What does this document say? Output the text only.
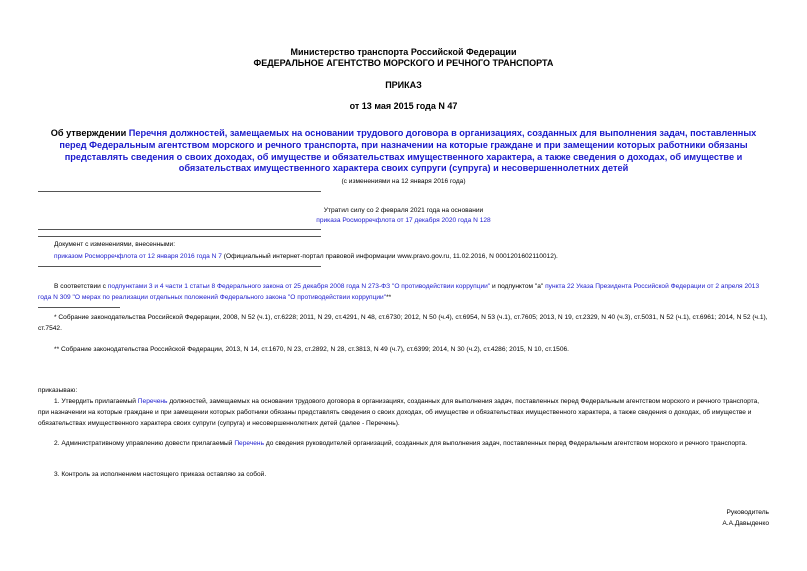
Министерство транспорта Российской Федерации
ФЕДЕРАЛЬНОЕ АГЕНТСТВО МОРСКОГО И РЕЧНОГО ТРАНСПОРТА
ПРИКАЗ
от 13 мая 2015 года N 47
Об утверждении Перечня должностей, замещаемых на основании трудового договора в организациях, созданных для выполнения задач, поставленных перед Федеральным агентством морского и речного транспорта, при назначении на которые граждане и при замещении которых работники обязаны представлять сведения о своих доходах, об имуществе и обязательствах имущественного характера, а также сведения о доходах, об имуществе и обязательствах имущественного характера своих супруги (супруга) и несовершеннолетних детей
(с изменениями на 12 января 2016 года)
Утратил силу со 2 февраля 2021 года на основании
приказа Росморречфлота от 17 декабря 2020 года N 128
Документ с изменениями, внесенными:
приказом Росморречфлота от 12 января 2016 года N 7 (Официальный интернет-портал правовой информации www.pravo.gov.ru, 11.02.2016, N 0001201602110012).
В соответствии с подпунктами 3 и 4 части 1 статьи 8 Федерального закона от 25 декабря 2008 года N 273-ФЗ "О противодействии коррупции" и подпунктом "а" пункта 22 Указа Президента Российской Федерации от 2 апреля 2013 года N 309 "О мерах по реализации отдельных положений Федерального закона "О противодействии коррупции"**
* Собрание законодательства Российской Федерации, 2008, N 52 (ч.1), ст.6228; 2011, N 29, ст.4291, N 48, ст.6730; 2012, N 50 (ч.4), ст.6954, N 53 (ч.1), ст.7605; 2013, N 19, ст.2329, N 40 (ч.3), ст.5031, N 52 (ч.1), ст.6961; 2014, N 52 (ч.1), ст.7542.
** Собрание законодательства Российской Федерации, 2013, N 14, ст.1670, N 23, ст.2892, N 28, ст.3813, N 49 (ч.7), ст.6399; 2014, N 30 (ч.2), ст.4286; 2015, N 10, ст.1506.
приказываю:
1. Утвердить прилагаемый Перечень должностей, замещаемых на основании трудового договора в организациях, созданных для выполнения задач, поставленных перед Федеральным агентством морского и речного транспорта, при назначении на которые граждане и при замещении которых работники обязаны представлять сведения о своих доходах, об имуществе и обязательствах имущественного характера, а также сведения о доходах, об имуществе и обязательствах имущественного характера своих супруги (супруга) и несовершеннолетних детей (далее - Перечень).
2. Административному управлению довести прилагаемый Перечень до сведения руководителей организаций, созданных для выполнения задач, поставленных перед Федеральным агентством морского и речного транспорта.
3. Контроль за исполнением настоящего приказа оставляю за собой.
Руководитель
А.А.Давыденко
